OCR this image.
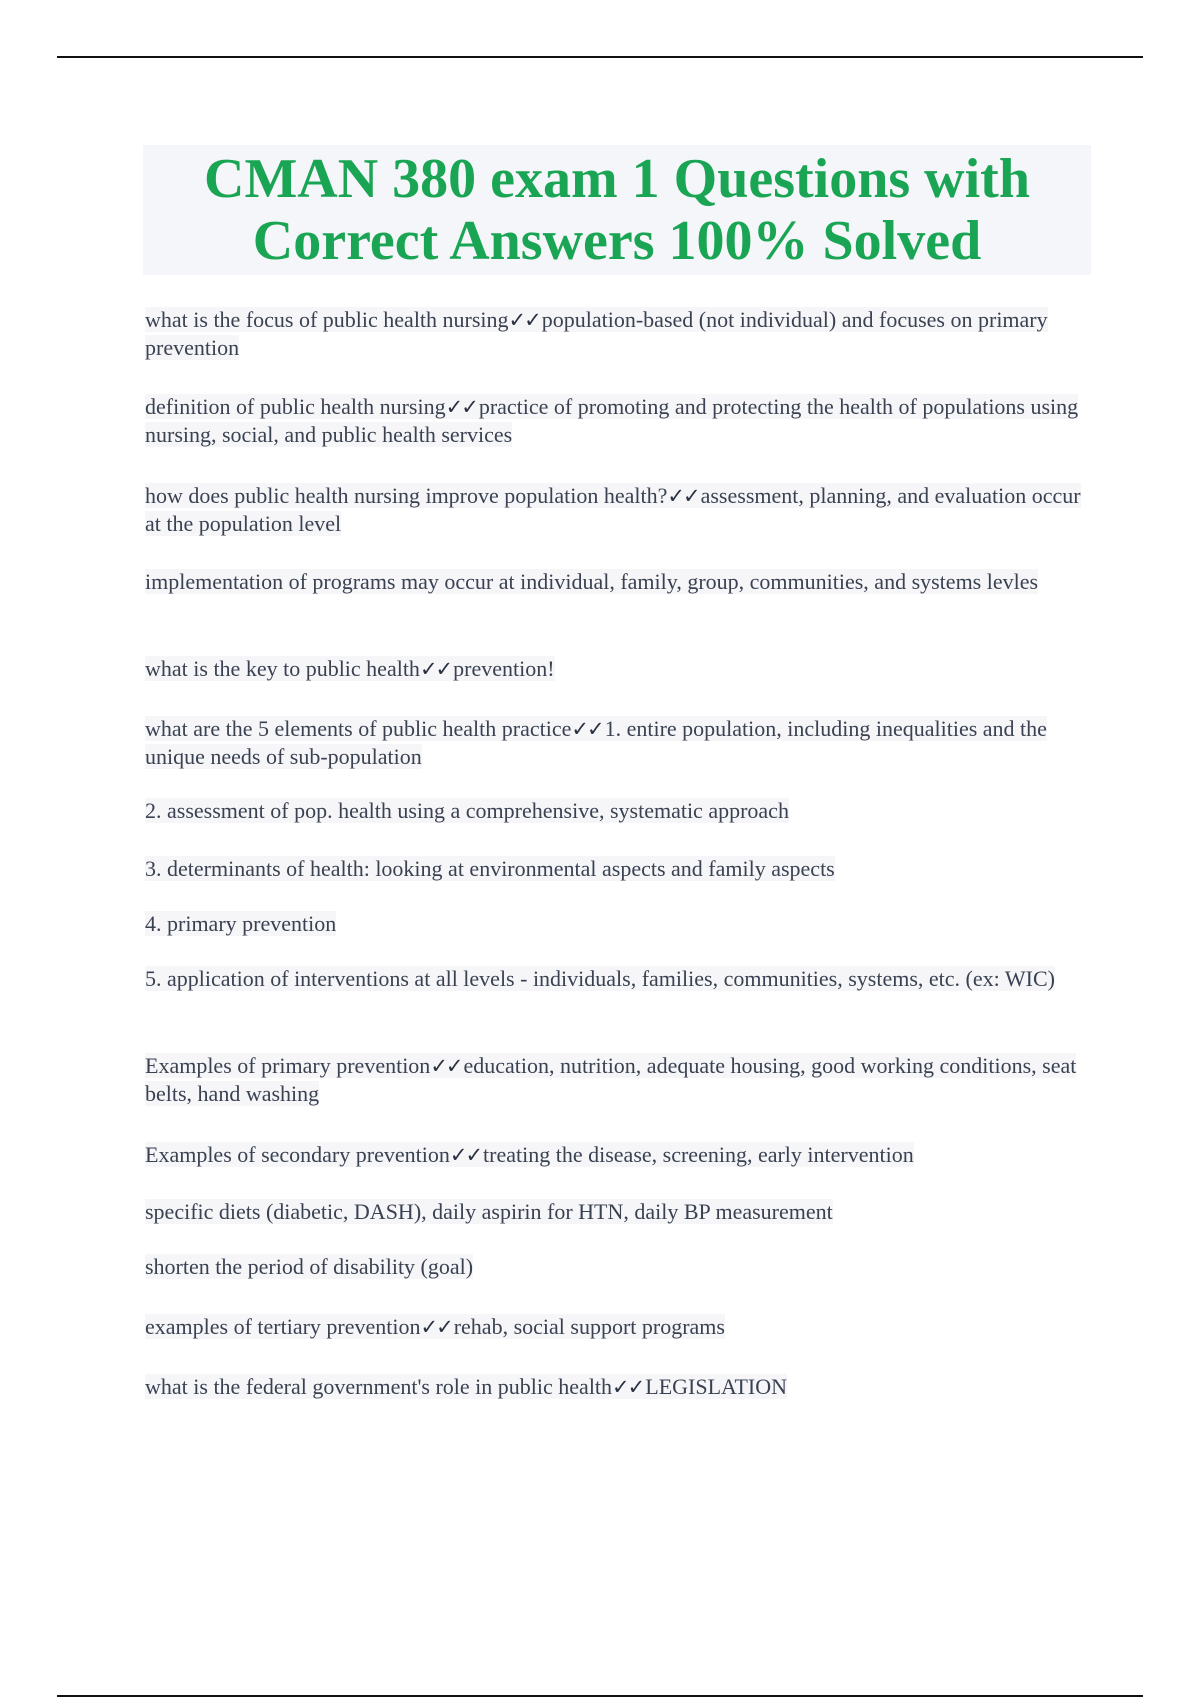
CMAN 380 exam 1 Questions with
Correct Answers 100% Solved
what is the focus of public health nursing✓✓population-based (not individual) and focuses on primary prevention
definition of public health nursing✓✓practice of promoting and protecting the health of populations using nursing, social, and public health services
how does public health nursing improve population health?✓✓assessment, planning, and evaluation occur at the population level
implementation of programs may occur at individual, family, group, communities, and systems levles
what is the key to public health✓✓prevention!
what are the 5 elements of public health practice✓✓1. entire population, including inequalities and the unique needs of sub-population
2. assessment of pop. health using a comprehensive, systematic approach
3. determinants of health: looking at environmental aspects and family aspects
4. primary prevention
5. application of interventions at all levels - individuals, families, communities, systems, etc. (ex: WIC)
Examples of primary prevention✓✓education, nutrition, adequate housing, good working conditions, seat belts, hand washing
Examples of secondary prevention✓✓treating the disease, screening, early intervention
specific diets (diabetic, DASH), daily aspirin for HTN, daily BP measurement
shorten the period of disability (goal)
examples of tertiary prevention✓✓rehab, social support programs
what is the federal government's role in public health✓✓LEGISLATION
